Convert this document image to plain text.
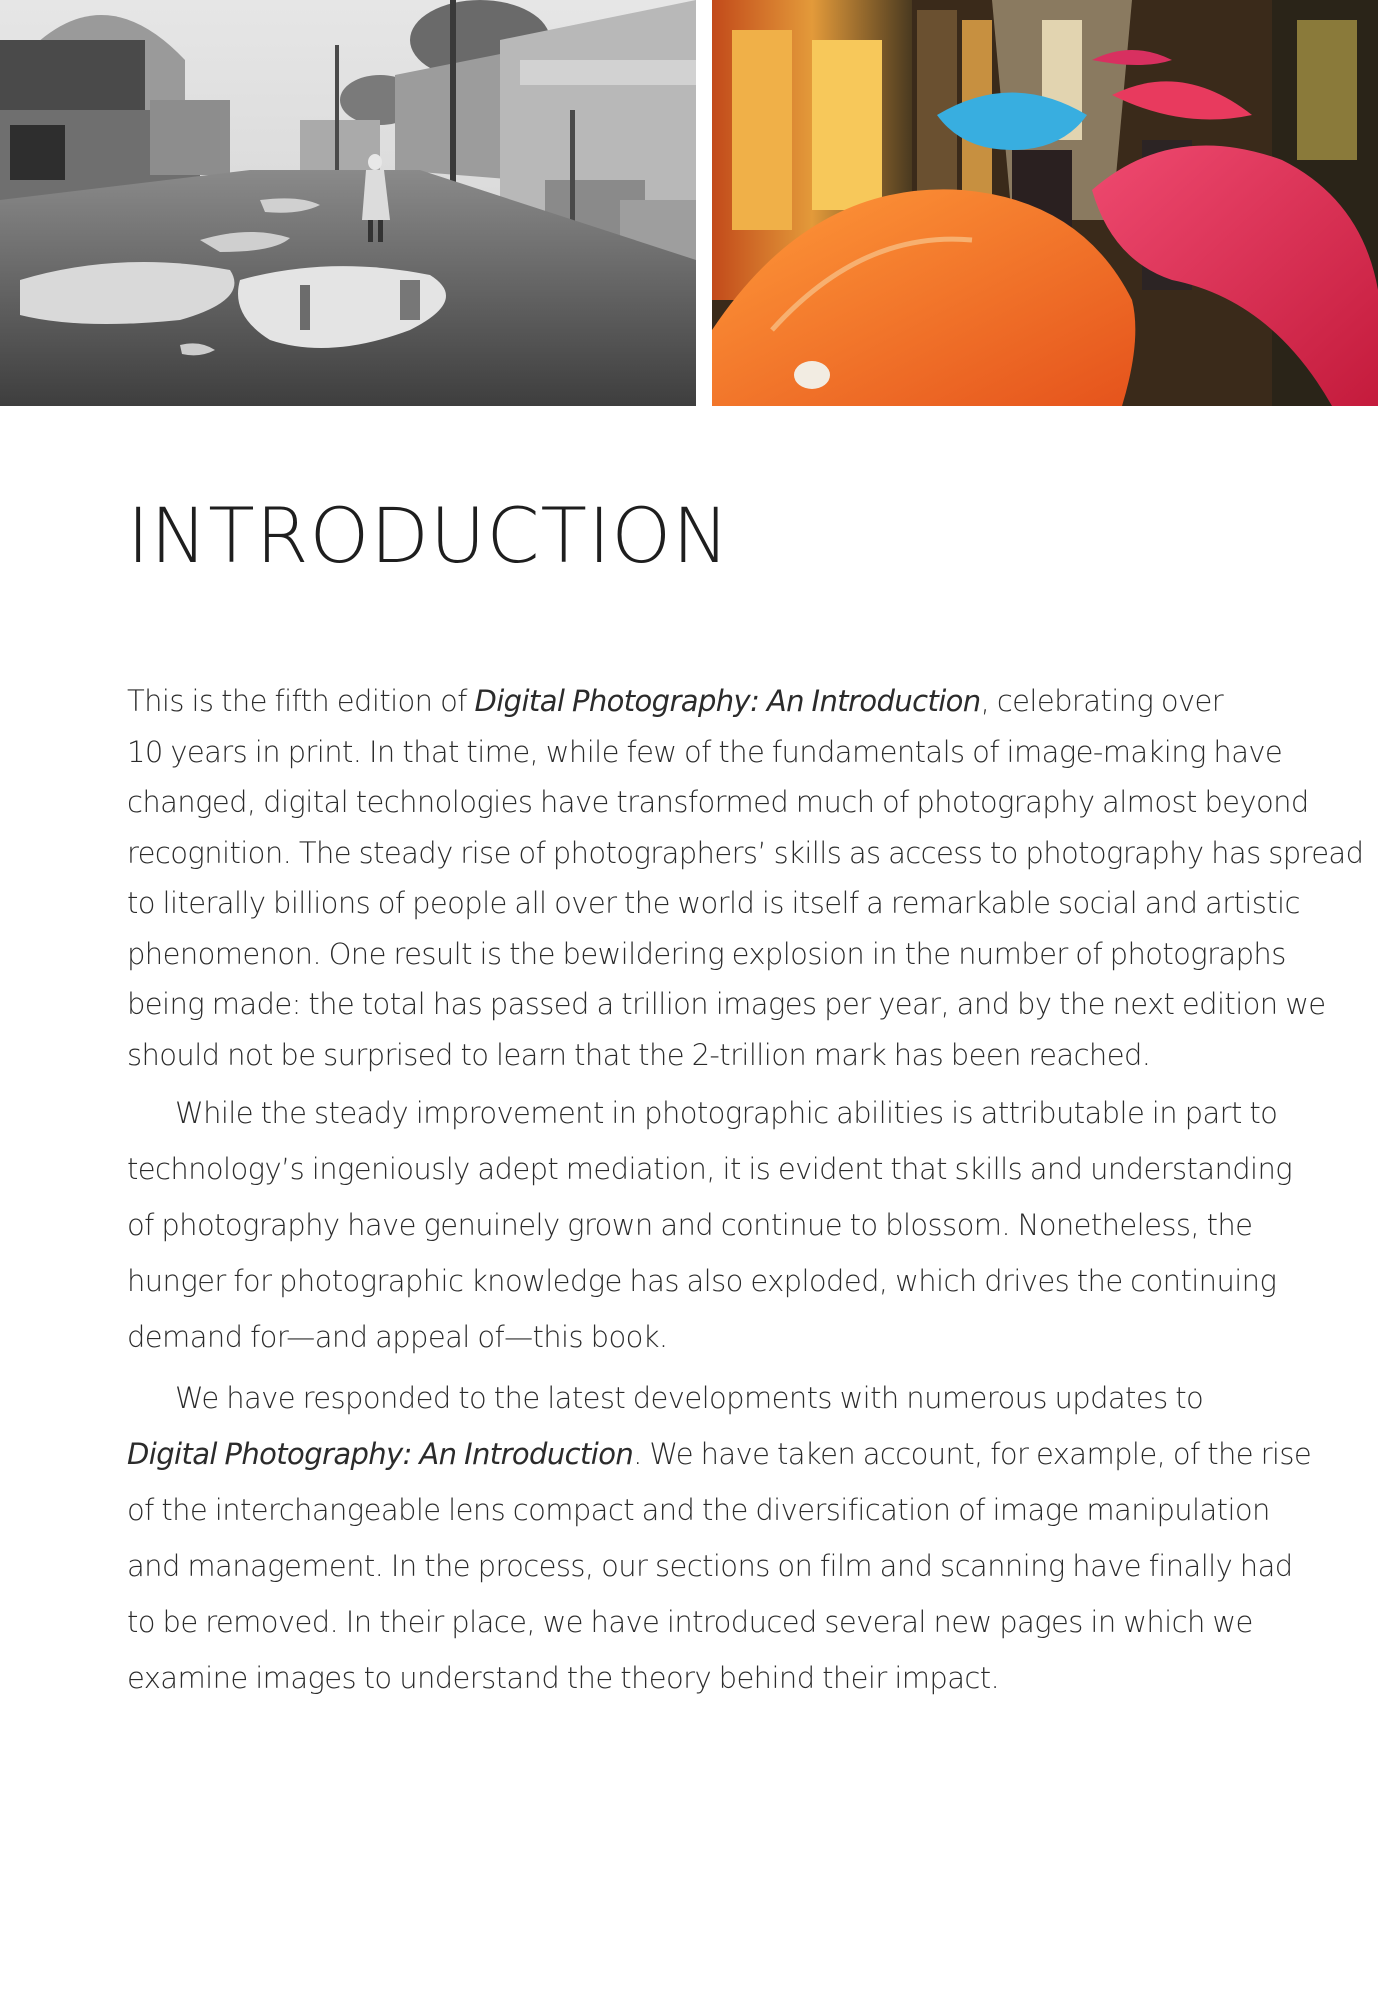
INTRODUCTION

This is the fifth edition of Digital Photography: An Introduction, celebrating over
10 years in print. In that time, while few of the fundamentals of image-making have
changed, digital technologies have transformed much of photography almost beyond
recognition. The steady rise of photographers’ skills as access to photography has spread
to literally billions of people all over the world is itself a remarkable social and artistic
phenomenon. One result is the bewildering explosion in the number of photographs
being made: the total has passed a trillion images per year, and by the next edition we
should not be surprised to learn that the 2-trillion mark has been reached.

While the steady improvement in photographic abilities is attributable in part to
technology’s ingeniously adept mediation, it is evident that skills and understanding
of photography have genuinely grown and continue to blossom. Nonetheless, the
hunger for photographic knowledge has also exploded, which drives the continuing
demand for—and appeal of—this book.

We have responded to the latest developments with numerous updates to
Digital Photography: An Introduction. We have taken account, for example, of the rise
of the interchangeable lens compact and the diversification of image manipulation
and management. In the process, our sections on film and scanning have finally had
to be removed. In their place, we have introduced several new pages in which we
examine images to understand the theory behind their impact.
